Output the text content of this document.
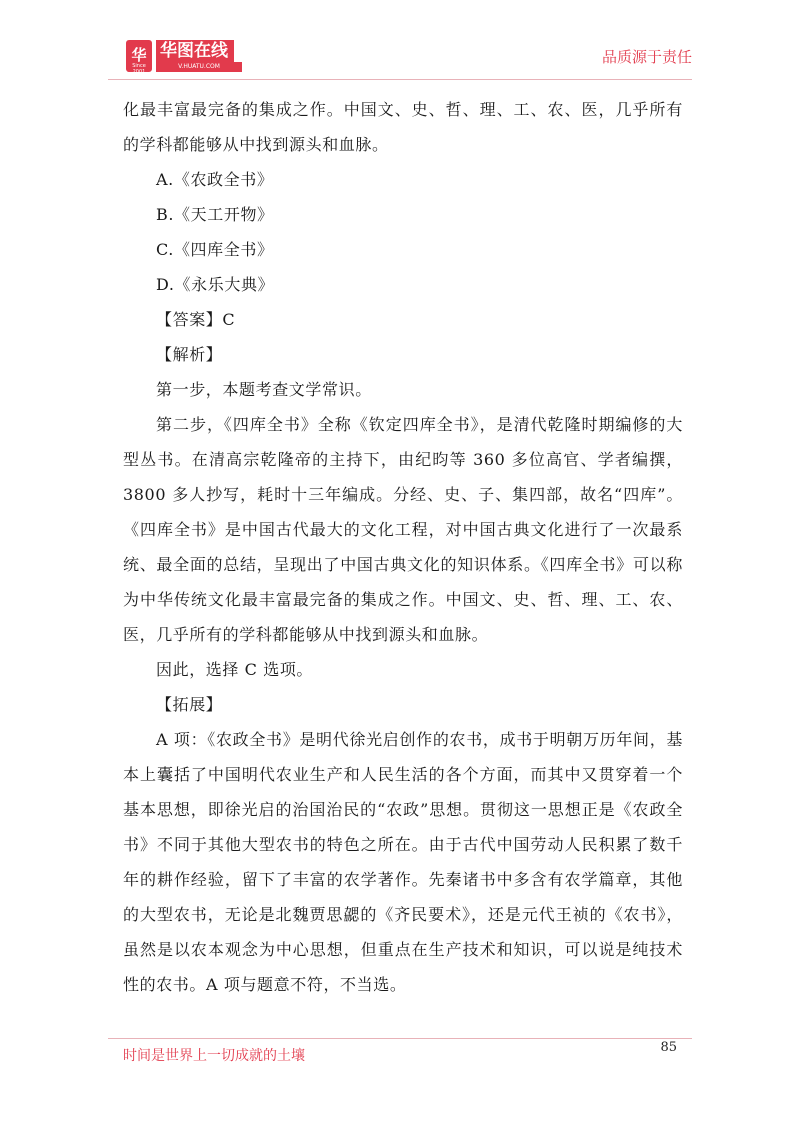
华
Since 2001
华图在线
V.HUATU.COM
品质源于责任

化最丰富最完备的集成之作。中国文、史、哲、理、工、农、医，几乎所有的学科都能够从中找到源头和血脉。

A.《农政全书》

B.《天工开物》

C.《四库全书》

D.《永乐大典》

【答案】C

【解析】

第一步，本题考查文学常识。

第二步，《四库全书》全称《钦定四库全书》，是清代乾隆时期编修的大型丛书。在清高宗乾隆帝的主持下，由纪昀等 360 多位高官、学者编撰，3800 多人抄写，耗时十三年编成。分经、史、子、集四部，故名“四库”。《四库全书》是中国古代最大的文化工程，对中国古典文化进行了一次最系统、最全面的总结，呈现出了中国古典文化的知识体系。《四库全书》可以称为中华传统文化最丰富最完备的集成之作。中国文、史、哲、理、工、农、医，几乎所有的学科都能够从中找到源头和血脉。

因此，选择 C 选项。

【拓展】

A 项：《农政全书》是明代徐光启创作的农书，成书于明朝万历年间，基本上囊括了中国明代农业生产和人民生活的各个方面，而其中又贯穿着一个基本思想，即徐光启的治国治民的“农政”思想。贯彻这一思想正是《农政全书》不同于其他大型农书的特色之所在。由于古代中国劳动人民积累了数千年的耕作经验，留下了丰富的农学著作。先秦诸书中多含有农学篇章，其他的大型农书，无论是北魏贾思勰的《齐民要术》，还是元代王祯的《农书》，虽然是以农本观念为中心思想，但重点在生产技术和知识，可以说是纯技术性的农书。A 项与题意不符，不当选。

时间是世界上一切成就的土壤
85
